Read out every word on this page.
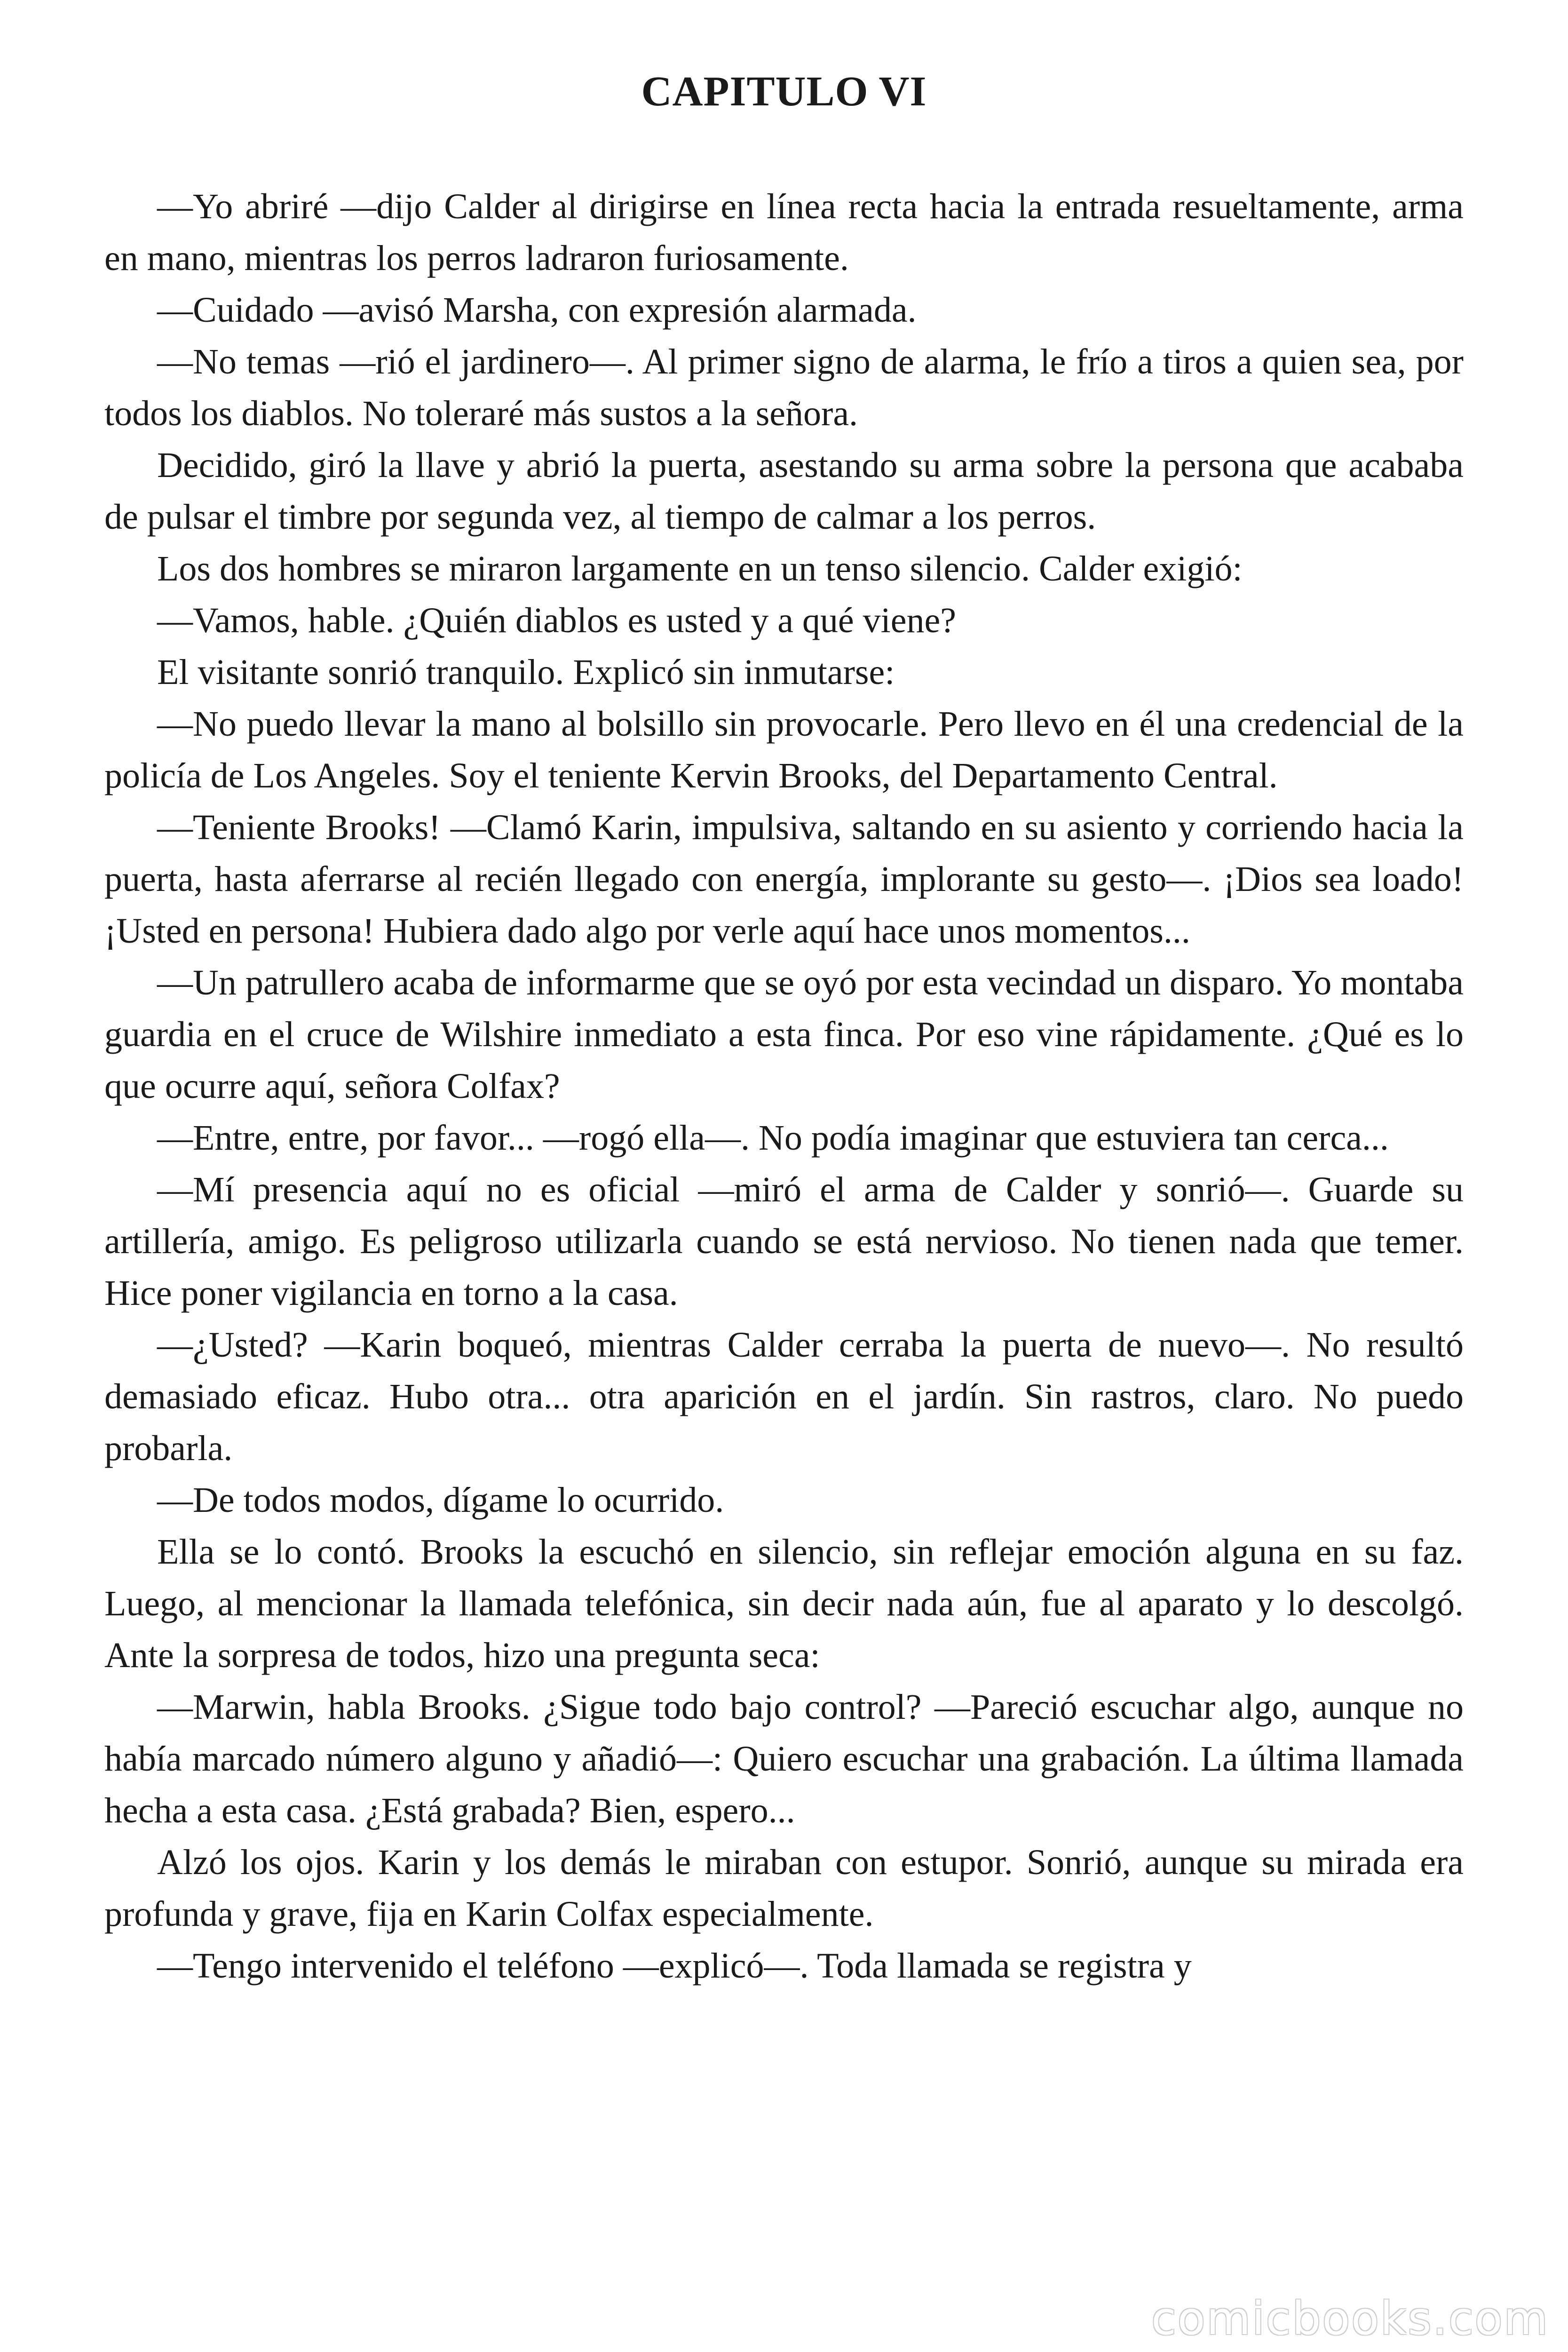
CAPITULO VI

—Yo abriré —dijo Calder al dirigirse en línea recta hacia la entrada resueltamente, arma en mano, mientras los perros ladraron furiosamente.

—Cuidado —avisó Marsha, con expresión alarmada.

—No temas —rió el jardinero—. Al primer signo de alarma, le frío a tiros a quien sea, por todos los diablos. No toleraré más sustos a la señora.

Decidido, giró la llave y abrió la puerta, asestando su arma sobre la persona que acababa de pulsar el timbre por segunda vez, al tiempo de calmar a los perros.

Los dos hombres se miraron largamente en un tenso silencio. Calder exigió:

—Vamos, hable. ¿Quién diablos es usted y a qué viene?

El visitante sonrió tranquilo. Explicó sin inmutarse:

—No puedo llevar la mano al bolsillo sin provocarle. Pero llevo en él una credencial de la policía de Los Angeles. Soy el teniente Kervin Brooks, del Departamento Central.

—Teniente Brooks! —Clamó Karin, impulsiva, saltando en su asiento y corriendo hacia la puerta, hasta aferrarse al recién llegado con energía, implorante su gesto—. ¡Dios sea loado! ¡Usted en persona! Hubiera dado algo por verle aquí hace unos momentos...

—Un patrullero acaba de informarme que se oyó por esta vecindad un disparo. Yo montaba guardia en el cruce de Wilshire inmediato a esta finca. Por eso vine rápidamente. ¿Qué es lo que ocurre aquí, señora Colfax?

—Entre, entre, por favor... —rogó ella—. No podía imaginar que estuviera tan cerca...

—Mí presencia aquí no es oficial —miró el arma de Calder y sonrió—. Guarde su artillería, amigo. Es peligroso utilizarla cuando se está nervioso. No tienen nada que temer. Hice poner vigilancia en torno a la casa.

—¿Usted? —Karin boqueó, mientras Calder cerraba la puerta de nuevo—. No resultó demasiado eficaz. Hubo otra... otra aparición en el jardín. Sin rastros, claro. No puedo probarla.

—De todos modos, dígame lo ocurrido.

Ella se lo contó. Brooks la escuchó en silencio, sin reflejar emoción alguna en su faz. Luego, al mencionar la llamada telefónica, sin decir nada aún, fue al aparato y lo descolgó. Ante la sorpresa de todos, hizo una pregunta seca:

—Marwin, habla Brooks. ¿Sigue todo bajo control? —Pareció escuchar algo, aunque no había marcado número alguno y añadió—: Quiero escuchar una grabación. La última llamada hecha a esta casa. ¿Está grabada? Bien, espero...

Alzó los ojos. Karin y los demás le miraban con estupor. Sonrió, aunque su mirada era profunda y grave, fija en Karin Colfax especialmente.

—Tengo intervenido el teléfono —explicó—. Toda llamada se registra y

comicbooks.com
